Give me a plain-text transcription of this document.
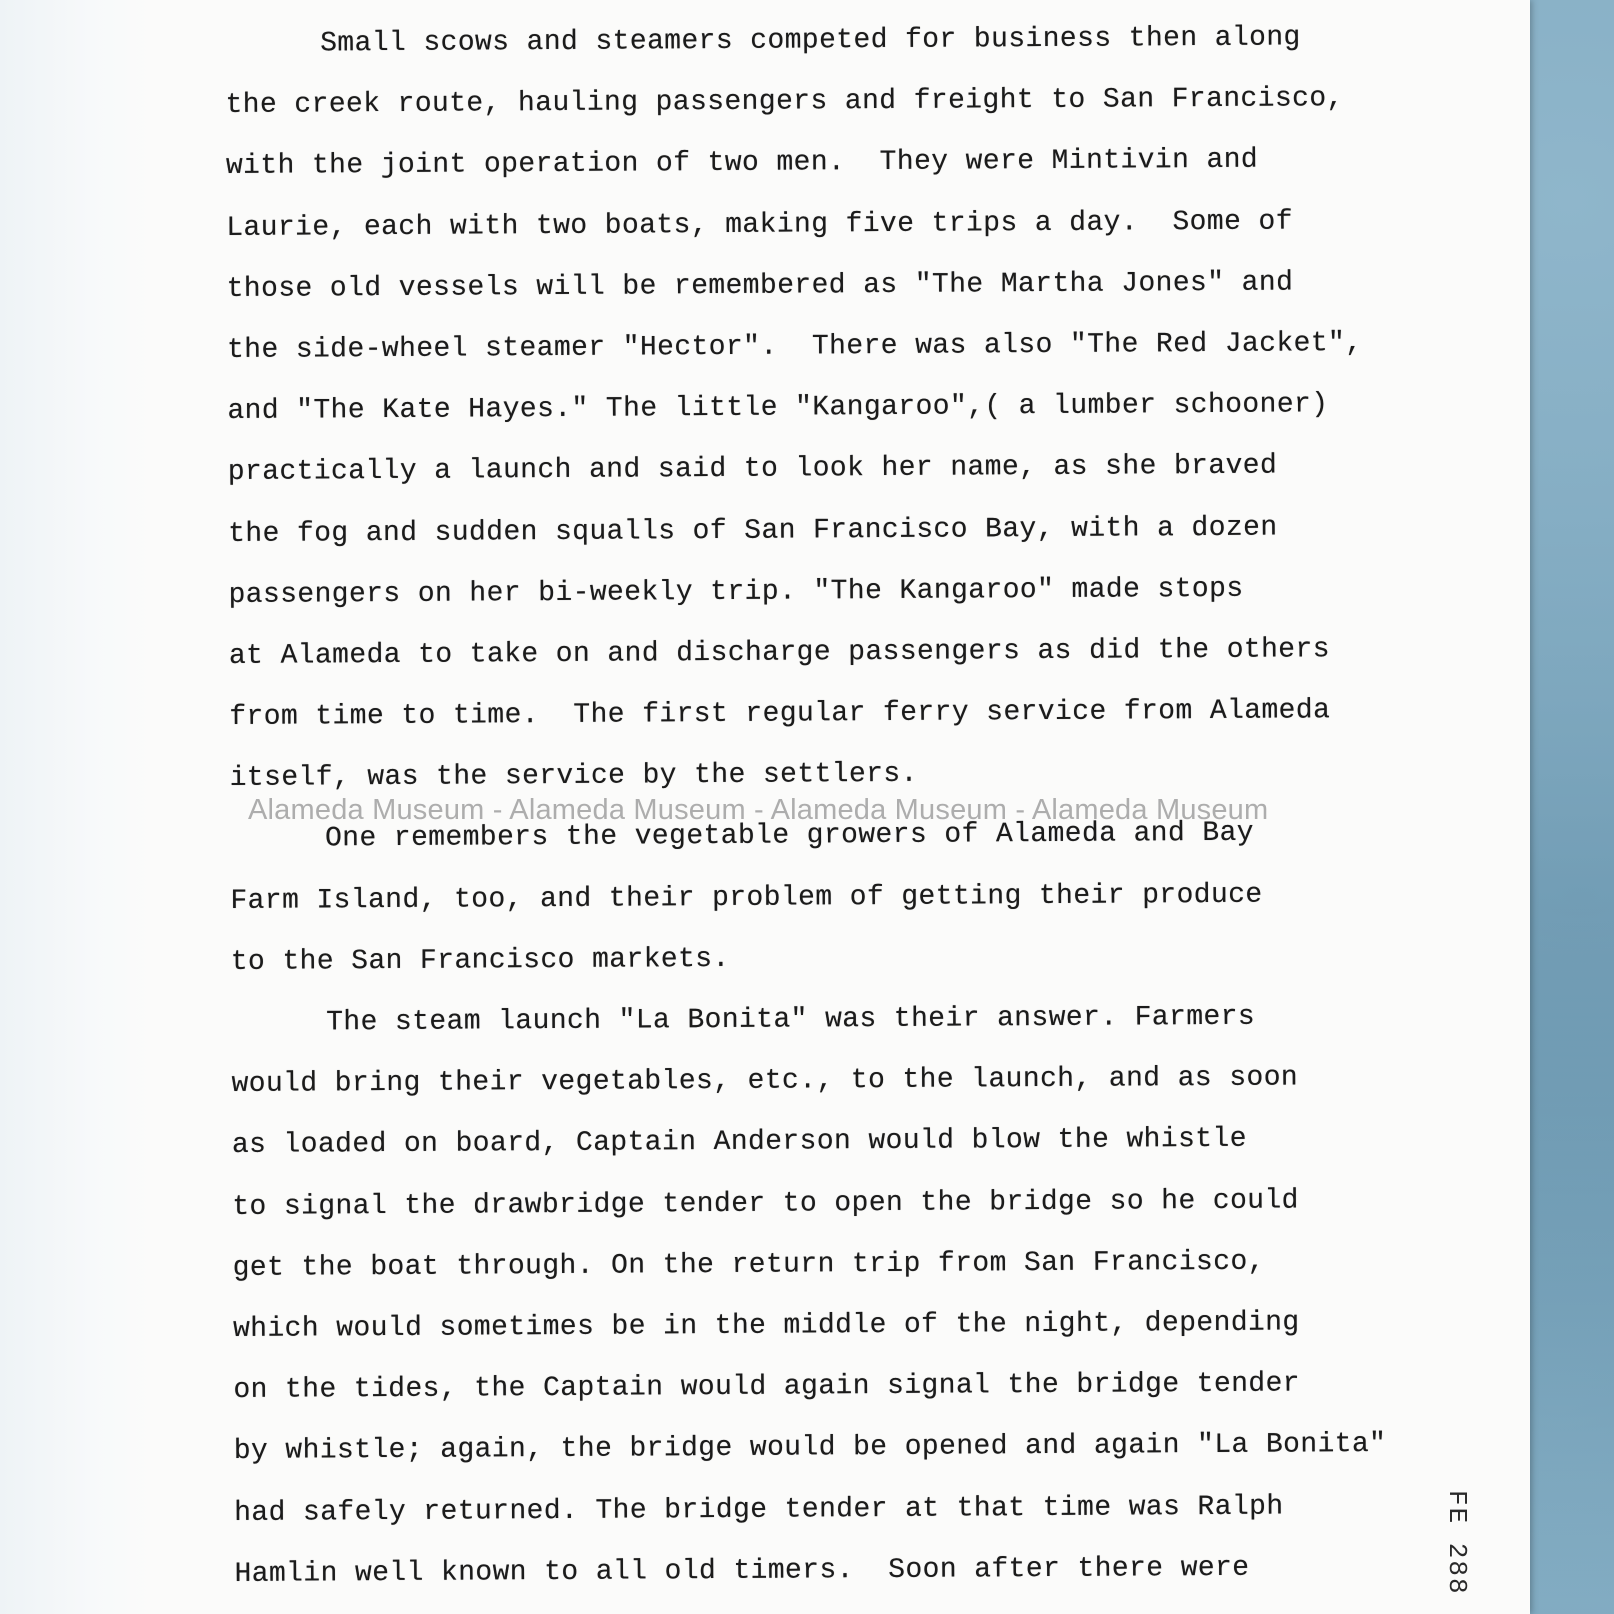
Small scows and steamers competed for business then along
the creek route, hauling passengers and freight to San Francisco,
with the joint operation of two men.  They were Mintivin and
Laurie, each with two boats, making five trips a day.  Some of
those old vessels will be remembered as "The Martha Jones" and
the side-wheel steamer "Hector".  There was also "The Red Jacket",
and "The Kate Hayes." The little "Kangaroo",( a lumber schooner)
practically a launch and said to look her name, as she braved
the fog and sudden squalls of San Francisco Bay, with a dozen
passengers on her bi-weekly trip. "The Kangaroo" made stops
at Alameda to take on and discharge passengers as did the others
from time to time.  The first regular ferry service from Alameda
itself, was the service by the settlers.
One remembers the vegetable growers of Alameda and Bay
Farm Island, too, and their problem of getting their produce
to the San Francisco markets.
The steam launch "La Bonita" was their answer. Farmers
would bring their vegetables, etc., to the launch, and as soon
as loaded on board, Captain Anderson would blow the whistle
to signal the drawbridge tender to open the bridge so he could
get the boat through. On the return trip from San Francisco,
which would sometimes be in the middle of the night, depending
on the tides, the Captain would again signal the bridge tender
by whistle; again, the bridge would be opened and again "La Bonita"
had safely returned. The bridge tender at that time was Ralph
Hamlin well known to all old timers.  Soon after there were
Alameda Museum - Alameda Museum - Alameda Museum - Alameda Museum
FE 288
